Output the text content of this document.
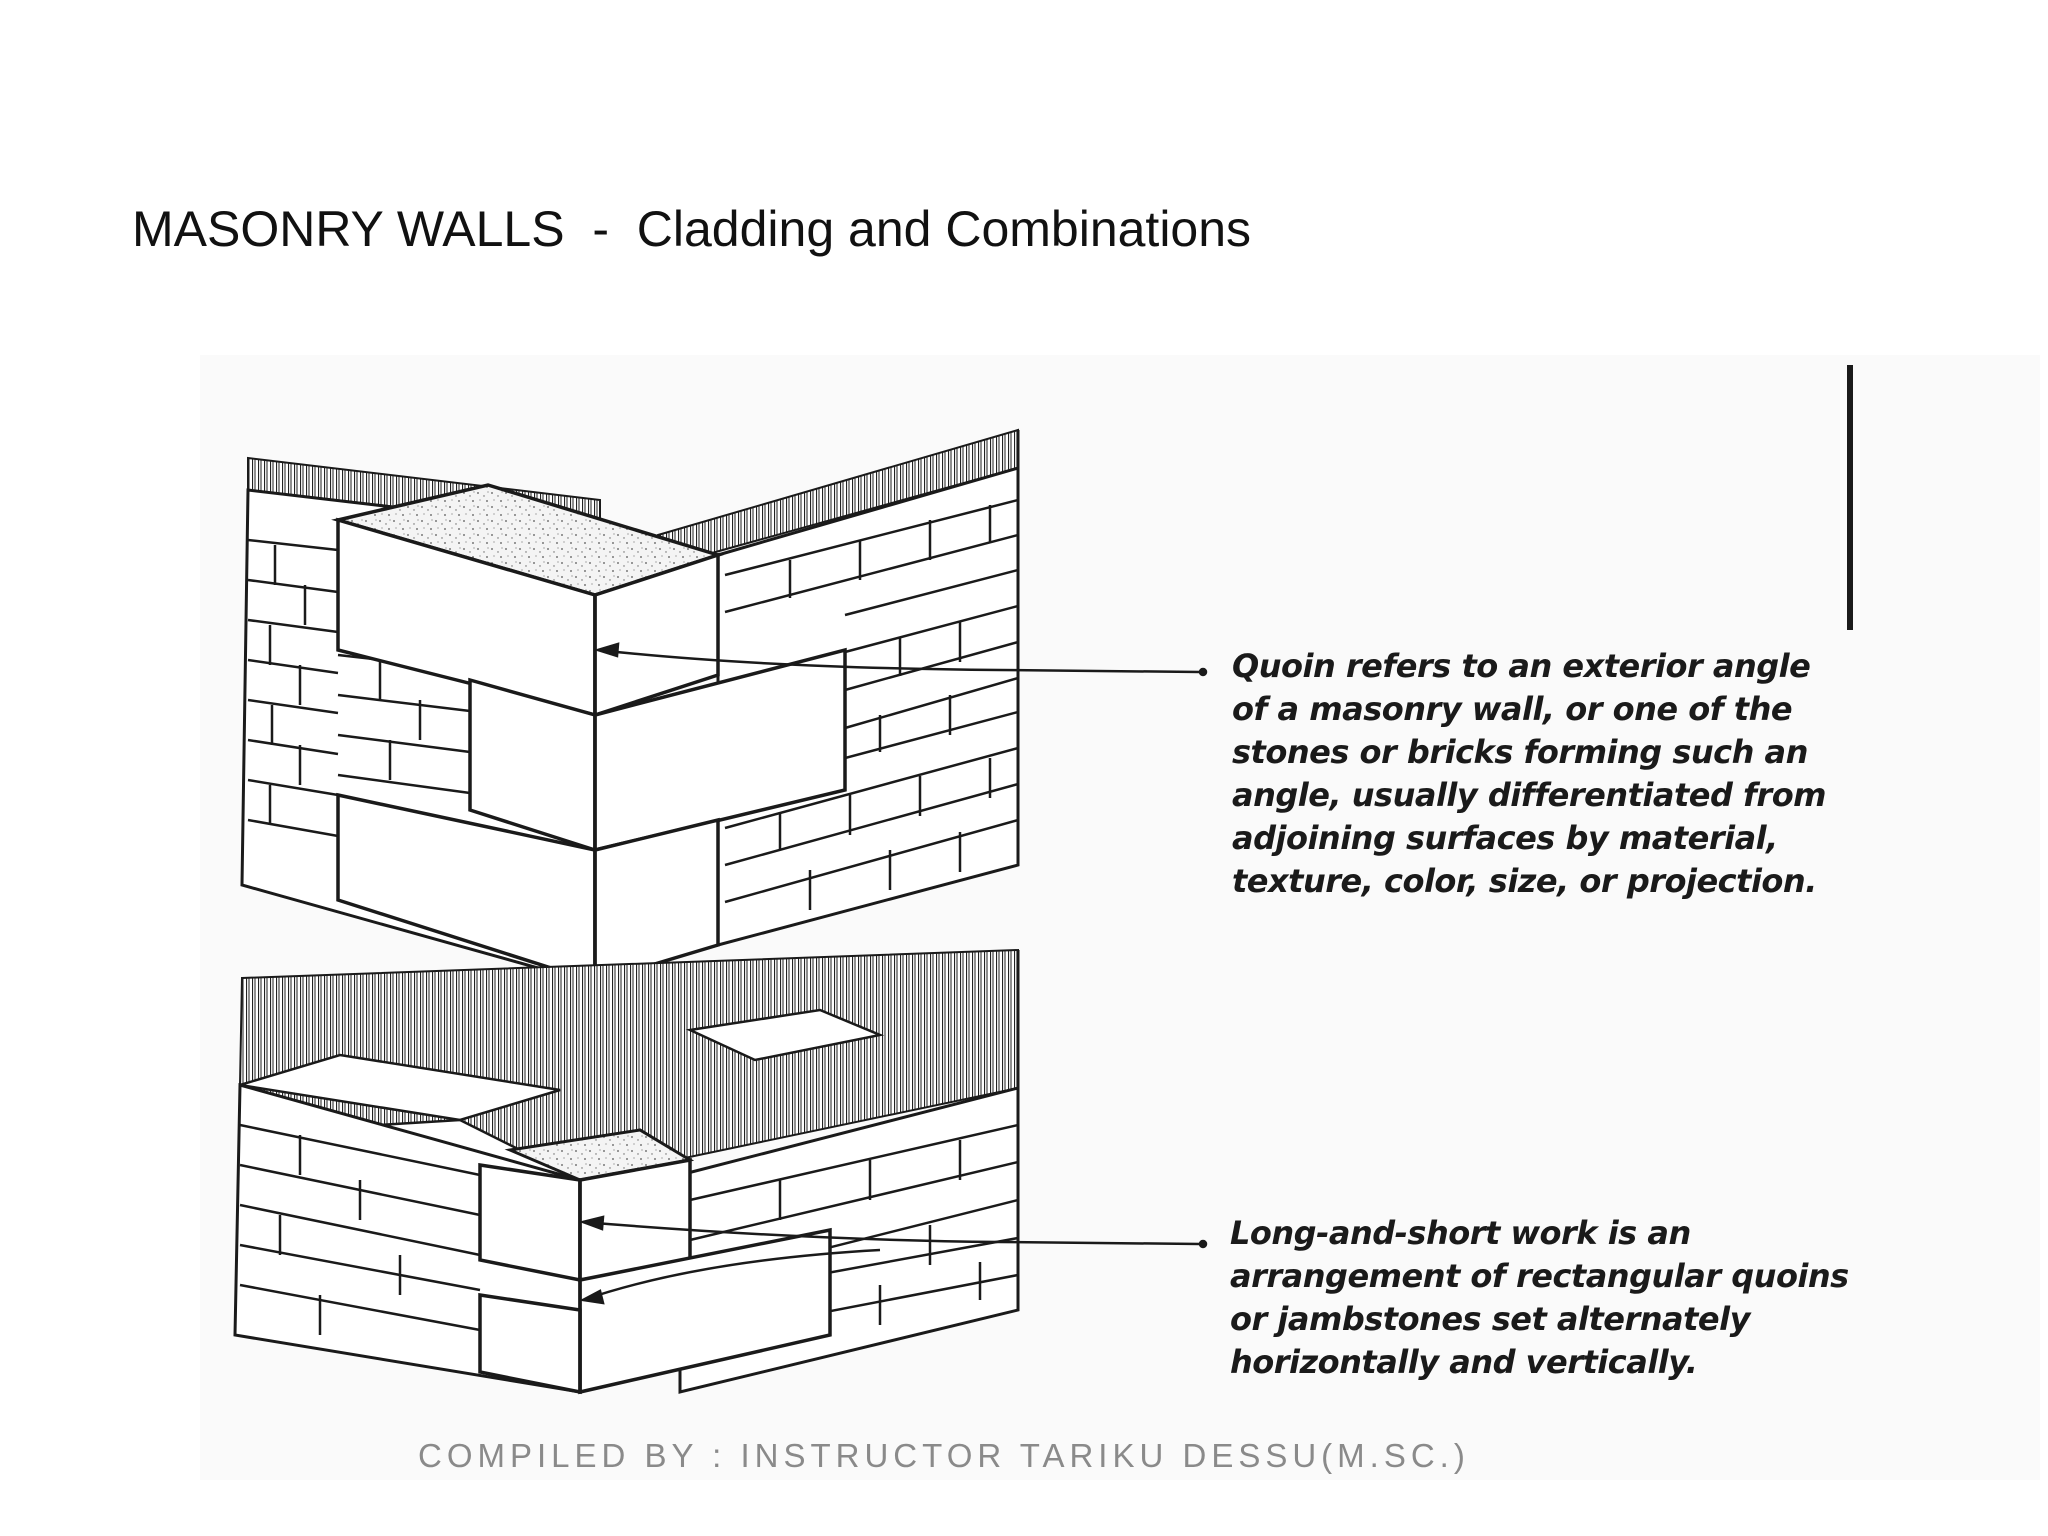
MASONRY WALLS  -  Cladding and Combinations
Quoin refers to an exterior angle
of a masonry wall, or one of the
stones or bricks forming such an
angle, usually differentiated from
adjoining surfaces by material,
texture, color, size, or projection.
Long-and-short work is an
arrangement of rectangular quoins
or jambstones set alternately
horizontally and vertically.
COMPILED BY : INSTRUCTOR TARIKU DESSU(M.SC.)
